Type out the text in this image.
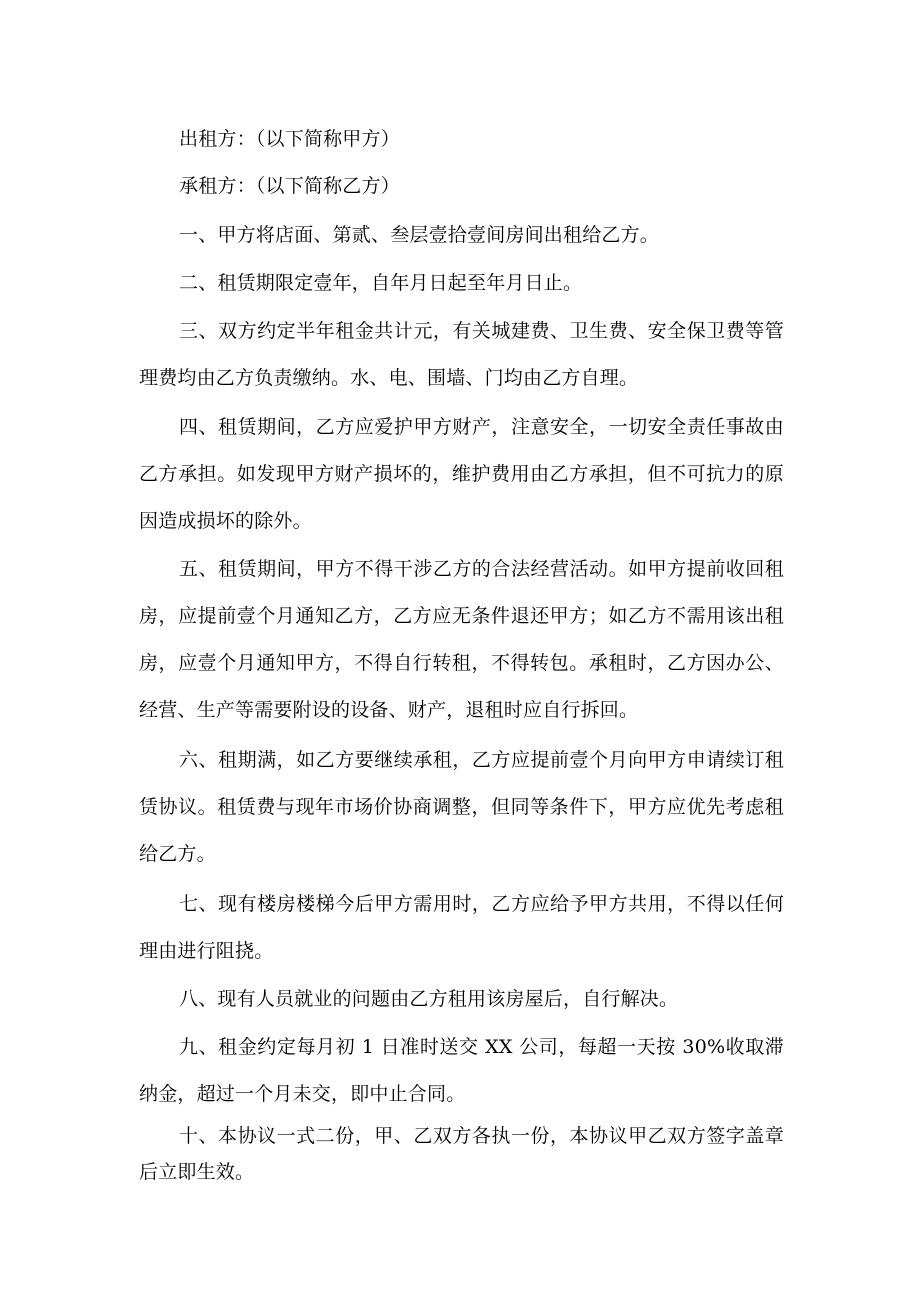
出租方：（以下简称甲方）

承租方：（以下简称乙方）

一、甲方将店面、第贰、叁层壹拾壹间房间出租给乙方。

二、租赁期限定壹年，自年月日起至年月日止。

三、双方约定半年租金共计元，有关城建费、卫生费、安全保卫费等管理费均由乙方负责缴纳。水、电、围墙、门均由乙方自理。

四、租赁期间，乙方应爱护甲方财产，注意安全，一切安全责任事故由乙方承担。如发现甲方财产损坏的，维护费用由乙方承担，但不可抗力的原因造成损坏的除外。

五、租赁期间，甲方不得干涉乙方的合法经营活动。如甲方提前收回租房，应提前壹个月通知乙方，乙方应无条件退还甲方；如乙方不需用该出租房，应壹个月通知甲方，不得自行转租，不得转包。承租时，乙方因办公、经营、生产等需要附设的设备、财产，退租时应自行拆回。

六、租期满，如乙方要继续承租，乙方应提前壹个月向甲方申请续订租赁协议。租赁费与现年市场价协商调整，但同等条件下，甲方应优先考虑租给乙方。

七、现有楼房楼梯今后甲方需用时，乙方应给予甲方共用，不得以任何理由进行阻挠。

八、现有人员就业的问题由乙方租用该房屋后，自行解决。

九、租金约定每月初 1 日准时送交 XX 公司，每超一天按 30%收取滞纳金，超过一个月未交，即中止合同。

十、本协议一式二份，甲、乙双方各执一份，本协议甲乙双方签字盖章后立即生效。
